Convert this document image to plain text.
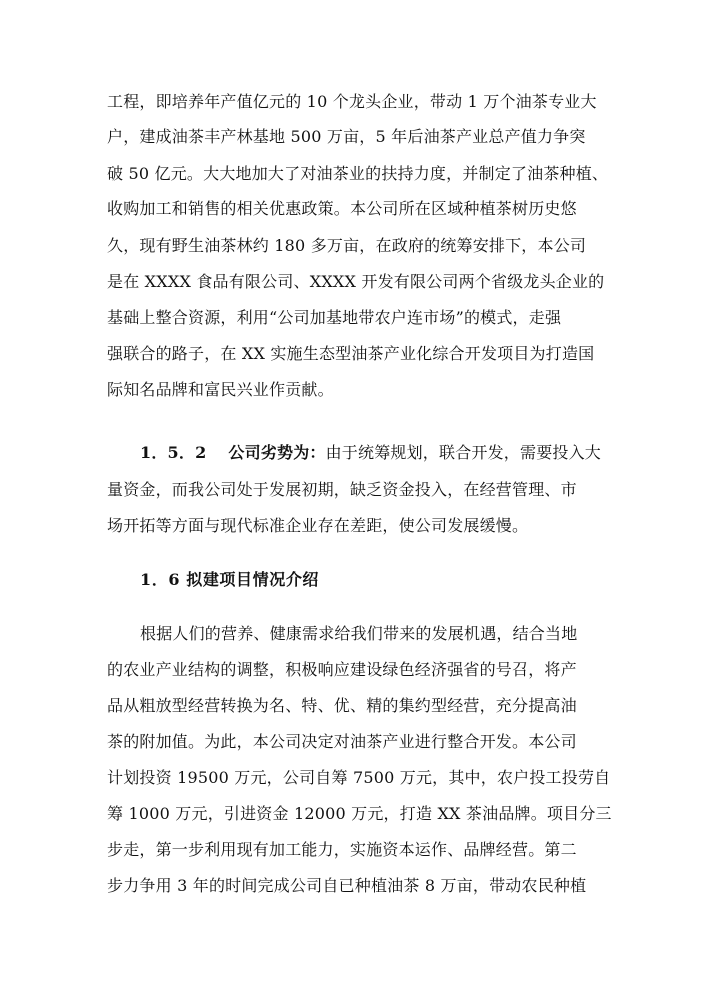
工程，即培养年产值亿元的 10 个龙头企业，带动 1 万个油茶专业大
户，建成油茶丰产林基地 500 万亩，5 年后油茶产业总产值力争突
破 50 亿元。大大地加大了对油茶业的扶持力度，并制定了油茶种植、
收购加工和销售的相关优惠政策。本公司所在区域种植茶树历史悠
久，现有野生油茶林约 180 多万亩，在政府的统筹安排下，本公司
是在 XXXX 食品有限公司、XXXX 开发有限公司两个省级龙头企业的
基础上整合资源，利用“公司加基地带农户连市场”的模式，走强
强联合的路子，在 XX 实施生态型油茶产业化综合开发项目为打造国
际知名品牌和富民兴业作贡献。
1．5．2 公司劣势为：由于统筹规划，联合开发，需要投入大
量资金，而我公司处于发展初期，缺乏资金投入，在经营管理、市
场开拓等方面与现代标准企业存在差距，使公司发展缓慢。
1．6 拟建项目情况介绍
根据人们的营养、健康需求给我们带来的发展机遇，结合当地
的农业产业结构的调整，积极响应建设绿色经济强省的号召，将产
品从粗放型经营转换为名、特、优、精的集约型经营，充分提高油
茶的附加值。为此，本公司决定对油茶产业进行整合开发。本公司
计划投资 19500 万元，公司自筹 7500 万元，其中，农户投工投劳自
筹 1000 万元，引进资金 12000 万元，打造 XX 茶油品牌。项目分三
步走，第一步利用现有加工能力，实施资本运作、品牌经营。第二
步力争用 3 年的时间完成公司自已种植油茶 8 万亩，带动农民种植
